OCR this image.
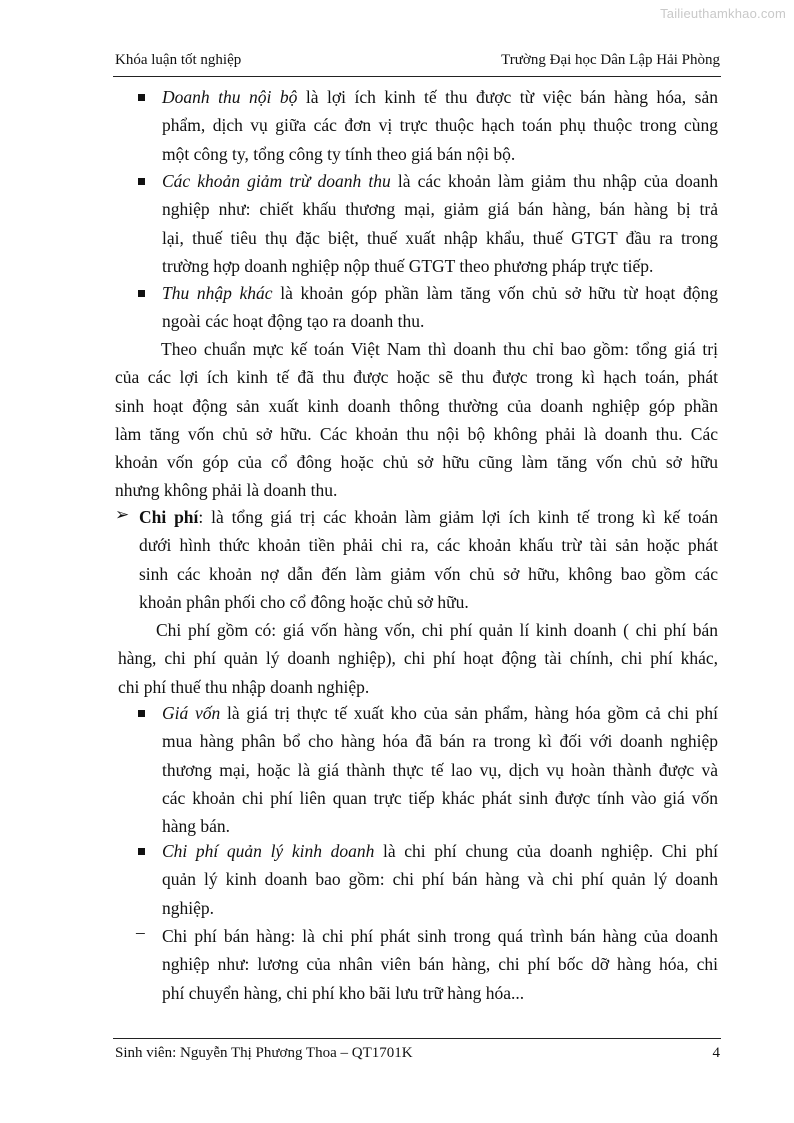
Tailieuthamkhao.com
Khóa luận tốt nghiệp	Trường Đại học Dân Lập Hải Phòng
Doanh thu nội bộ là lợi ích kinh tế thu được từ việc bán hàng hóa, sản
phẩm, dịch vụ giữa các đơn vị trực thuộc hạch toán phụ thuộc trong cùng
một công ty, tổng công ty tính theo giá bán nội bộ.
Các khoản giảm trừ doanh thu là các khoản làm giảm thu nhập của doanh
nghiệp như: chiết khấu thương mại, giảm giá bán hàng, bán hàng bị trả
lại, thuế tiêu thụ đặc biệt, thuế xuất nhập khẩu, thuế GTGT đầu ra trong
trường hợp doanh nghiệp nộp thuế GTGT theo phương pháp trực tiếp.
Thu nhập khác là khoản góp phần làm tăng vốn chủ sở hữu từ hoạt động
ngoài các hoạt động tạo ra doanh thu.
Theo chuẩn mực kế toán Việt Nam thì doanh thu chỉ bao gồm: tổng giá trị
của các lợi ích kinh tế đã thu được hoặc sẽ thu được trong kì hạch toán, phát
sinh hoạt động sản xuất kinh doanh thông thường của doanh nghiệp góp phần
làm tăng vốn chủ sở hữu. Các khoản thu nội bộ không phải là doanh thu. Các
khoản vốn góp của cổ đông hoặc chủ sở hữu cũng làm tăng vốn chủ sở hữu
nhưng không phải là doanh thu.
➢ Chi phí: là tổng giá trị các khoản làm giảm lợi ích kinh tế trong kì kế toán
dưới hình thức khoản tiền phải chi ra, các khoản khấu trừ tài sản hoặc phát
sinh các khoản nợ dẫn đến làm giảm vốn chủ sở hữu, không bao gồm các
khoản phân phối cho cổ đông hoặc chủ sở hữu.
Chi phí gồm có: giá vốn hàng vốn, chi phí quản lí kinh doanh ( chi phí bán
hàng, chi phí quản lý doanh nghiệp), chi phí hoạt động tài chính, chi phí khác,
chi phí thuế thu nhập doanh nghiệp.
Giá vốn là giá trị thực tế xuất kho của sản phẩm, hàng hóa gồm cả chi phí
mua hàng phân bổ cho hàng hóa đã bán ra trong kì đối với doanh nghiệp
thương mại, hoặc là giá thành thực tế lao vụ, dịch vụ hoàn thành được và
các khoản chi phí liên quan trực tiếp khác phát sinh được tính vào giá vốn
hàng bán.
Chi phí quản lý kinh doanh là chi phí chung của doanh nghiệp. Chi phí
quản lý kinh doanh bao gồm: chi phí bán hàng và chi phí quản lý doanh
nghiệp.
– Chi phí bán hàng: là chi phí phát sinh trong quá trình bán hàng của doanh
nghiệp như: lương của nhân viên bán hàng, chi phí bốc dỡ hàng hóa, chi
phí chuyển hàng, chi phí kho bãi lưu trữ hàng hóa...
Sinh viên: Nguyễn Thị Phương Thoa – QT1701K	4
